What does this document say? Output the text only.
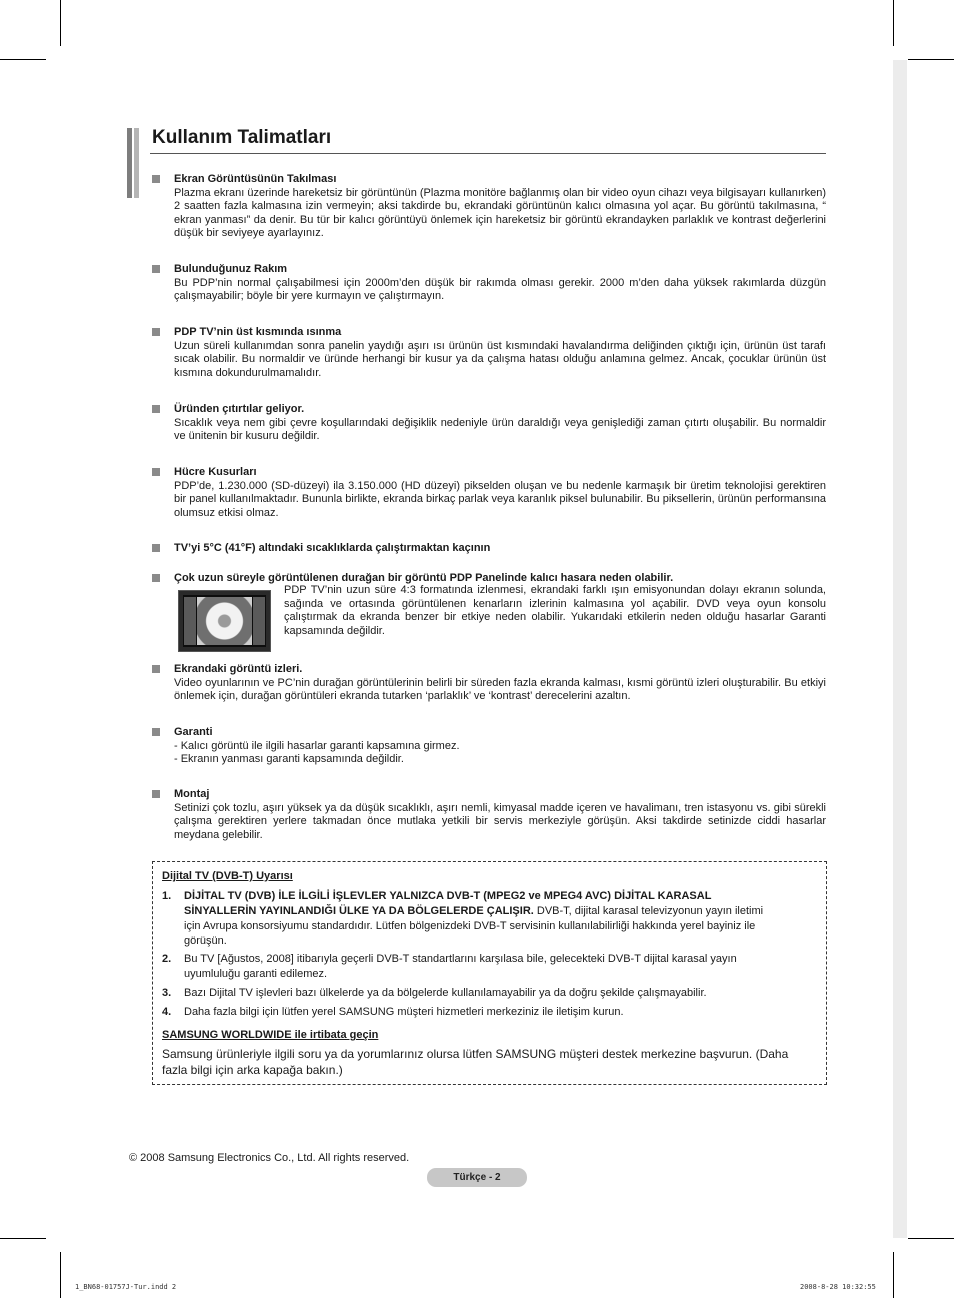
Kullanım Talimatları
Ekran Görüntüsünün Takılması

Plazma ekranı üzerinde hareketsiz bir görüntünün (Plazma monitöre bağlanmış olan bir video oyun cihazı veya bilgisayarı kullanırken) 2 saatten fazla kalmasına izin vermeyin; aksi takdirde bu, ekrandaki görüntünün kalıcı olmasına yol açar. Bu görüntü takılmasına, “ ekran yanması” da denir. Bu tür bir kalıcı görüntüyü önlemek için hareketsiz bir görüntü ekrandayken parlaklık ve kontrast değerlerini düşük bir seviyeye ayarlayınız.

Bulunduğunuz Rakım

Bu PDP’nin normal çalışabilmesi için 2000m’den düşük bir rakımda olması gerekir. 2000 m’den daha yüksek rakımlarda düzgün çalışmayabilir; böyle bir yere kurmayın ve çalıştırmayın.

PDP TV’nin üst kısmında ısınma

Uzun süreli kullanımdan sonra panelin yaydığı aşırı ısı ürünün üst kısmındaki havalandırma deliğinden çıktığı için, ürünün üst tarafı sıcak olabilir. Bu normaldir ve üründe herhangi bir kusur ya da çalışma hatası olduğu anlamına gelmez. Ancak, çocuklar ürünün üst kısmına dokundurulmamalıdır.

Üründen çıtırtılar geliyor.

Sıcaklık veya nem gibi çevre koşullarındaki değişiklik nedeniyle ürün daraldığı veya genişlediği zaman çıtırtı oluşabilir. Bu normaldir ve ünitenin bir kusuru değildir.

Hücre Kusurları

PDP’de, 1.230.000 (SD-düzeyi) ila 3.150.000 (HD düzeyi) pikselden oluşan ve bu nedenle karmaşık bir üretim teknolojisi gerektiren bir panel kullanılmaktadır. Bununla birlikte, ekranda birkaç parlak veya karanlık piksel bulunabilir. Bu piksellerin, ürünün performansına olumsuz etkisi olmaz.

TV’yi 5°C (41°F) altındaki sıcaklıklarda çalıştırmaktan kaçının
Çok uzun süreyle görüntülenen durağan bir görüntü PDP Panelinde kalıcı hasara neden olabilir.
PDP TV’nin uzun süre 4:3 formatında izlenmesi, ekrandaki farklı ışın emisyonundan dolayı ekranın solunda, sağında ve ortasında görüntülenen kenarların izlerinin kalmasına yol açabilir. DVD veya oyun konsolu çalıştırmak da ekranda benzer bir etkiye neden olabilir. Yukarıdaki etkilerin neden olduğu hasarlar Garanti kapsamında değildir.
Ekrandaki görüntü izleri.

Video oyunlarının ve PC’nin durağan görüntülerinin belirli bir süreden fazla ekranda kalması, kısmi görüntü izleri oluşturabilir. Bu etkiyi önlemek için, durağan görüntüleri ekranda tutarken ‘parlaklık’ ve ‘kontrast’ derecelerini azaltın.

Garanti

- Kalıcı görüntü ile ilgili hasarlar garanti kapsamına girmez.

- Ekranın yanması garanti kapsamında değildir.

Montaj

Setinizi çok tozlu, aşırı yüksek ya da düşük sıcaklıklı, aşırı nemli, kimyasal madde içeren ve havalimanı, tren istasyonu vs. gibi sürekli çalışma gerektiren yerlere takmadan önce mutlaka yetkili bir servis merkeziyle görüşün. Aksi takdirde setinizde ciddi hasarlar meydana gelebilir.

Dijital TV (DVB-T) Uyarısı
1. DİJİTAL TV (DVB) İLE İLGİLİ İŞLEVLER YALNIZCA DVB-T (MPEG2 ve MPEG4 AVC) DİJİTAL KARASAL SİNYALLERİN YAYINLANDIĞI ÜLKE YA DA BÖLGELERDE ÇALIŞIR. DVB-T, dijital karasal televizyonun yayın iletimi için Avrupa konsorsiyumu standardıdır. Lütfen bölgenizdeki DVB-T servisinin kullanılabilirliği hakkında yerel bayiniz ile görüşün.
2. Bu TV [Ağustos, 2008] itibarıyla geçerli DVB-T standartlarını karşılasa bile, gelecekteki DVB-T dijital karasal yayın uyumluluğu garanti edilemez.
3. Bazı Dijital TV işlevleri bazı ülkelerde ya da bölgelerde kullanılamayabilir ya da doğru şekilde çalışmayabilir.
4. Daha fazla bilgi için lütfen yerel SAMSUNG müşteri hizmetleri merkeziniz ile iletişim kurun.
SAMSUNG WORLDWIDE ile irtibata geçin
Samsung ürünleriyle ilgili soru ya da yorumlarınız olursa lütfen SAMSUNG müşteri destek merkezine başvurun. (Daha fazla bilgi için arka kapağa bakın.)
© 2008 Samsung Electronics Co., Ltd. All rights reserved.
Türkçe - 2
1_BN68-01757J-Tur.indd 2	2008-8-28 10:32:55
